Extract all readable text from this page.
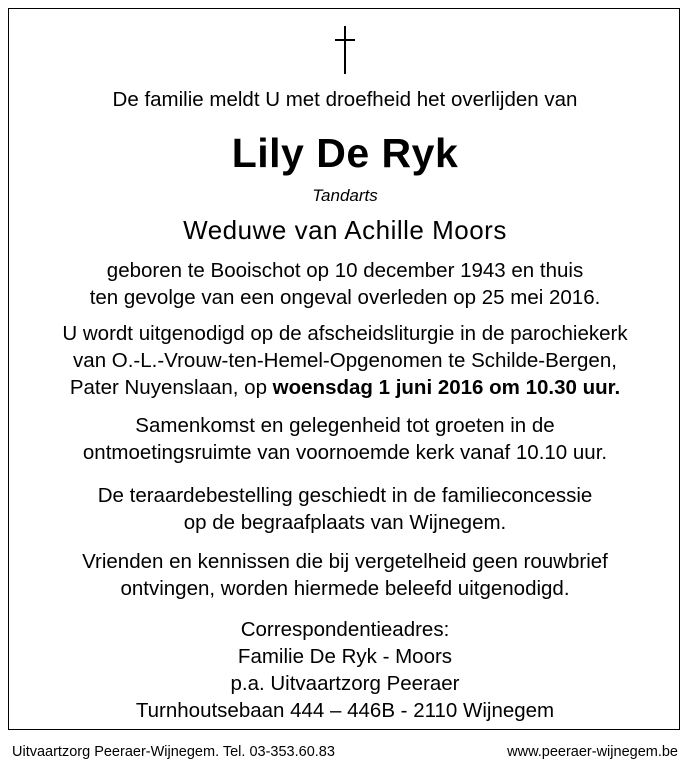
De familie meldt U met droefheid het overlijden van
Lily De Ryk
Tandarts
Weduwe van Achille Moors
geboren te Booischot op 10 december 1943 en thuis
ten gevolge van een ongeval overleden op 25 mei 2016.
U wordt uitgenodigd op de afscheidsliturgie in de parochiekerk
van O.-L.-Vrouw-ten-Hemel-Opgenomen te Schilde-Bergen,
Pater Nuyenslaan, op woensdag 1 juni 2016 om 10.30 uur.
Samenkomst en gelegenheid tot groeten in de
ontmoetingsruimte van voornoemde kerk vanaf 10.10 uur.
De teraardebestelling geschiedt in de familieconcessie
op de begraafplaats van Wijnegem.
Vrienden en kennissen die bij vergetelheid geen rouwbrief
ontvingen, worden hiermede beleefd uitgenodigd.
Correspondentieadres:
Familie De Ryk - Moors
p.a. Uitvaartzorg Peeraer
Turnhoutsebaan 444 – 446B - 2110 Wijnegem
Uitvaartzorg Peeraer-Wijnegem. Tel. 03-353.60.83	www.peeraer-wijnegem.be
